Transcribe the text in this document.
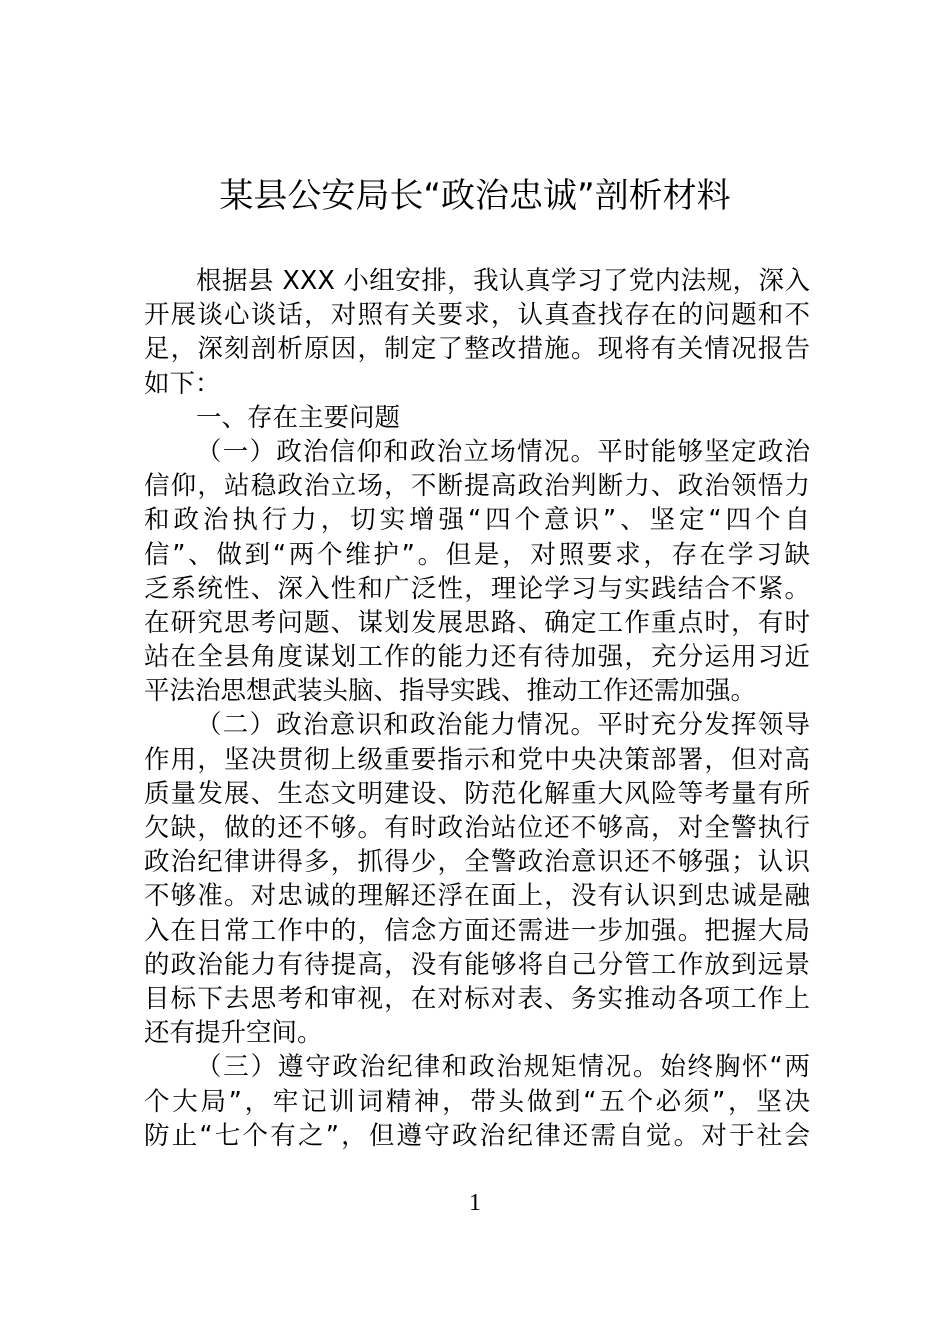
某县公安局长“政治忠诚”剖析材料
根据县 XXX 小组安排，我认真学习了党内法规，深入
开展谈心谈话，对照有关要求，认真查找存在的问题和不
足，深刻剖析原因，制定了整改措施。现将有关情况报告
如下：
一、存在主要问题
（一）政治信仰和政治立场情况。平时能够坚定政治
信仰，站稳政治立场，不断提高政治判断力、政治领悟力
和政治执行力，切实增强“四个意识”、坚定“四个自
信”、做到“两个维护”。但是，对照要求，存在学习缺
乏系统性、深入性和广泛性，理论学习与实践结合不紧。
在研究思考问题、谋划发展思路、确定工作重点时，有时
站在全县角度谋划工作的能力还有待加强，充分运用习近
平法治思想武装头脑、指导实践、推动工作还需加强。
（二）政治意识和政治能力情况。平时充分发挥领导
作用，坚决贯彻上级重要指示和党中央决策部署，但对高
质量发展、生态文明建设、防范化解重大风险等考量有所
欠缺，做的还不够。有时政治站位还不够高，对全警执行
政治纪律讲得多，抓得少，全警政治意识还不够强；认识
不够准。对忠诚的理解还浮在面上，没有认识到忠诚是融
入在日常工作中的，信念方面还需进一步加强。把握大局
的政治能力有待提高，没有能够将自己分管工作放到远景
目标下去思考和审视，在对标对表、务实推动各项工作上
还有提升空间。
（三）遵守政治纪律和政治规矩情况。始终胸怀“两
个大局”，牢记训词精神，带头做到“五个必须”，坚决
防止“七个有之”，但遵守政治纪律还需自觉。对于社会
1
